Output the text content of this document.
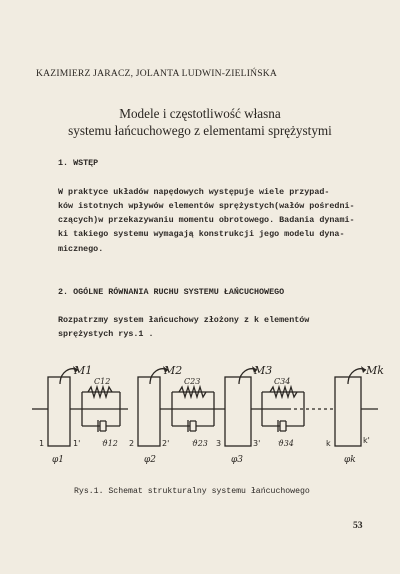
KAZIMIERZ JARACZ, JOLANTA LUDWIN-ZIELIŃSKA
Modele i częstotliwość własna
systemu łańcuchowego z elementami sprężystymi
1. WSTĘP
W praktyce układów napędowych występuje wiele przypad-
ków istotnych wpływów elementów sprężystych(wałów pośredni-
czących)w przekazywaniu momentu obrotowego. Badania dynami-
ki takiego systemu wymagają konstrukcji jego modelu dyna-
micznego.
2. OGÓLNE RÓWNANIA RUCHU SYSTEMU ŁAŃCUCHOWEGO
Rozpatrzmy system łańcuchowy złożony z k elementów
sprężystych rys.1 .
M1	M2	M3	Mk
C12	C23	C34
ϑ12	ϑ23	ϑ34
1	1'	2	2'	3	3'	k	k'
φ1	φ2	φ3	φk
Rys.1. Schemat strukturalny systemu łańcuchowego
53
